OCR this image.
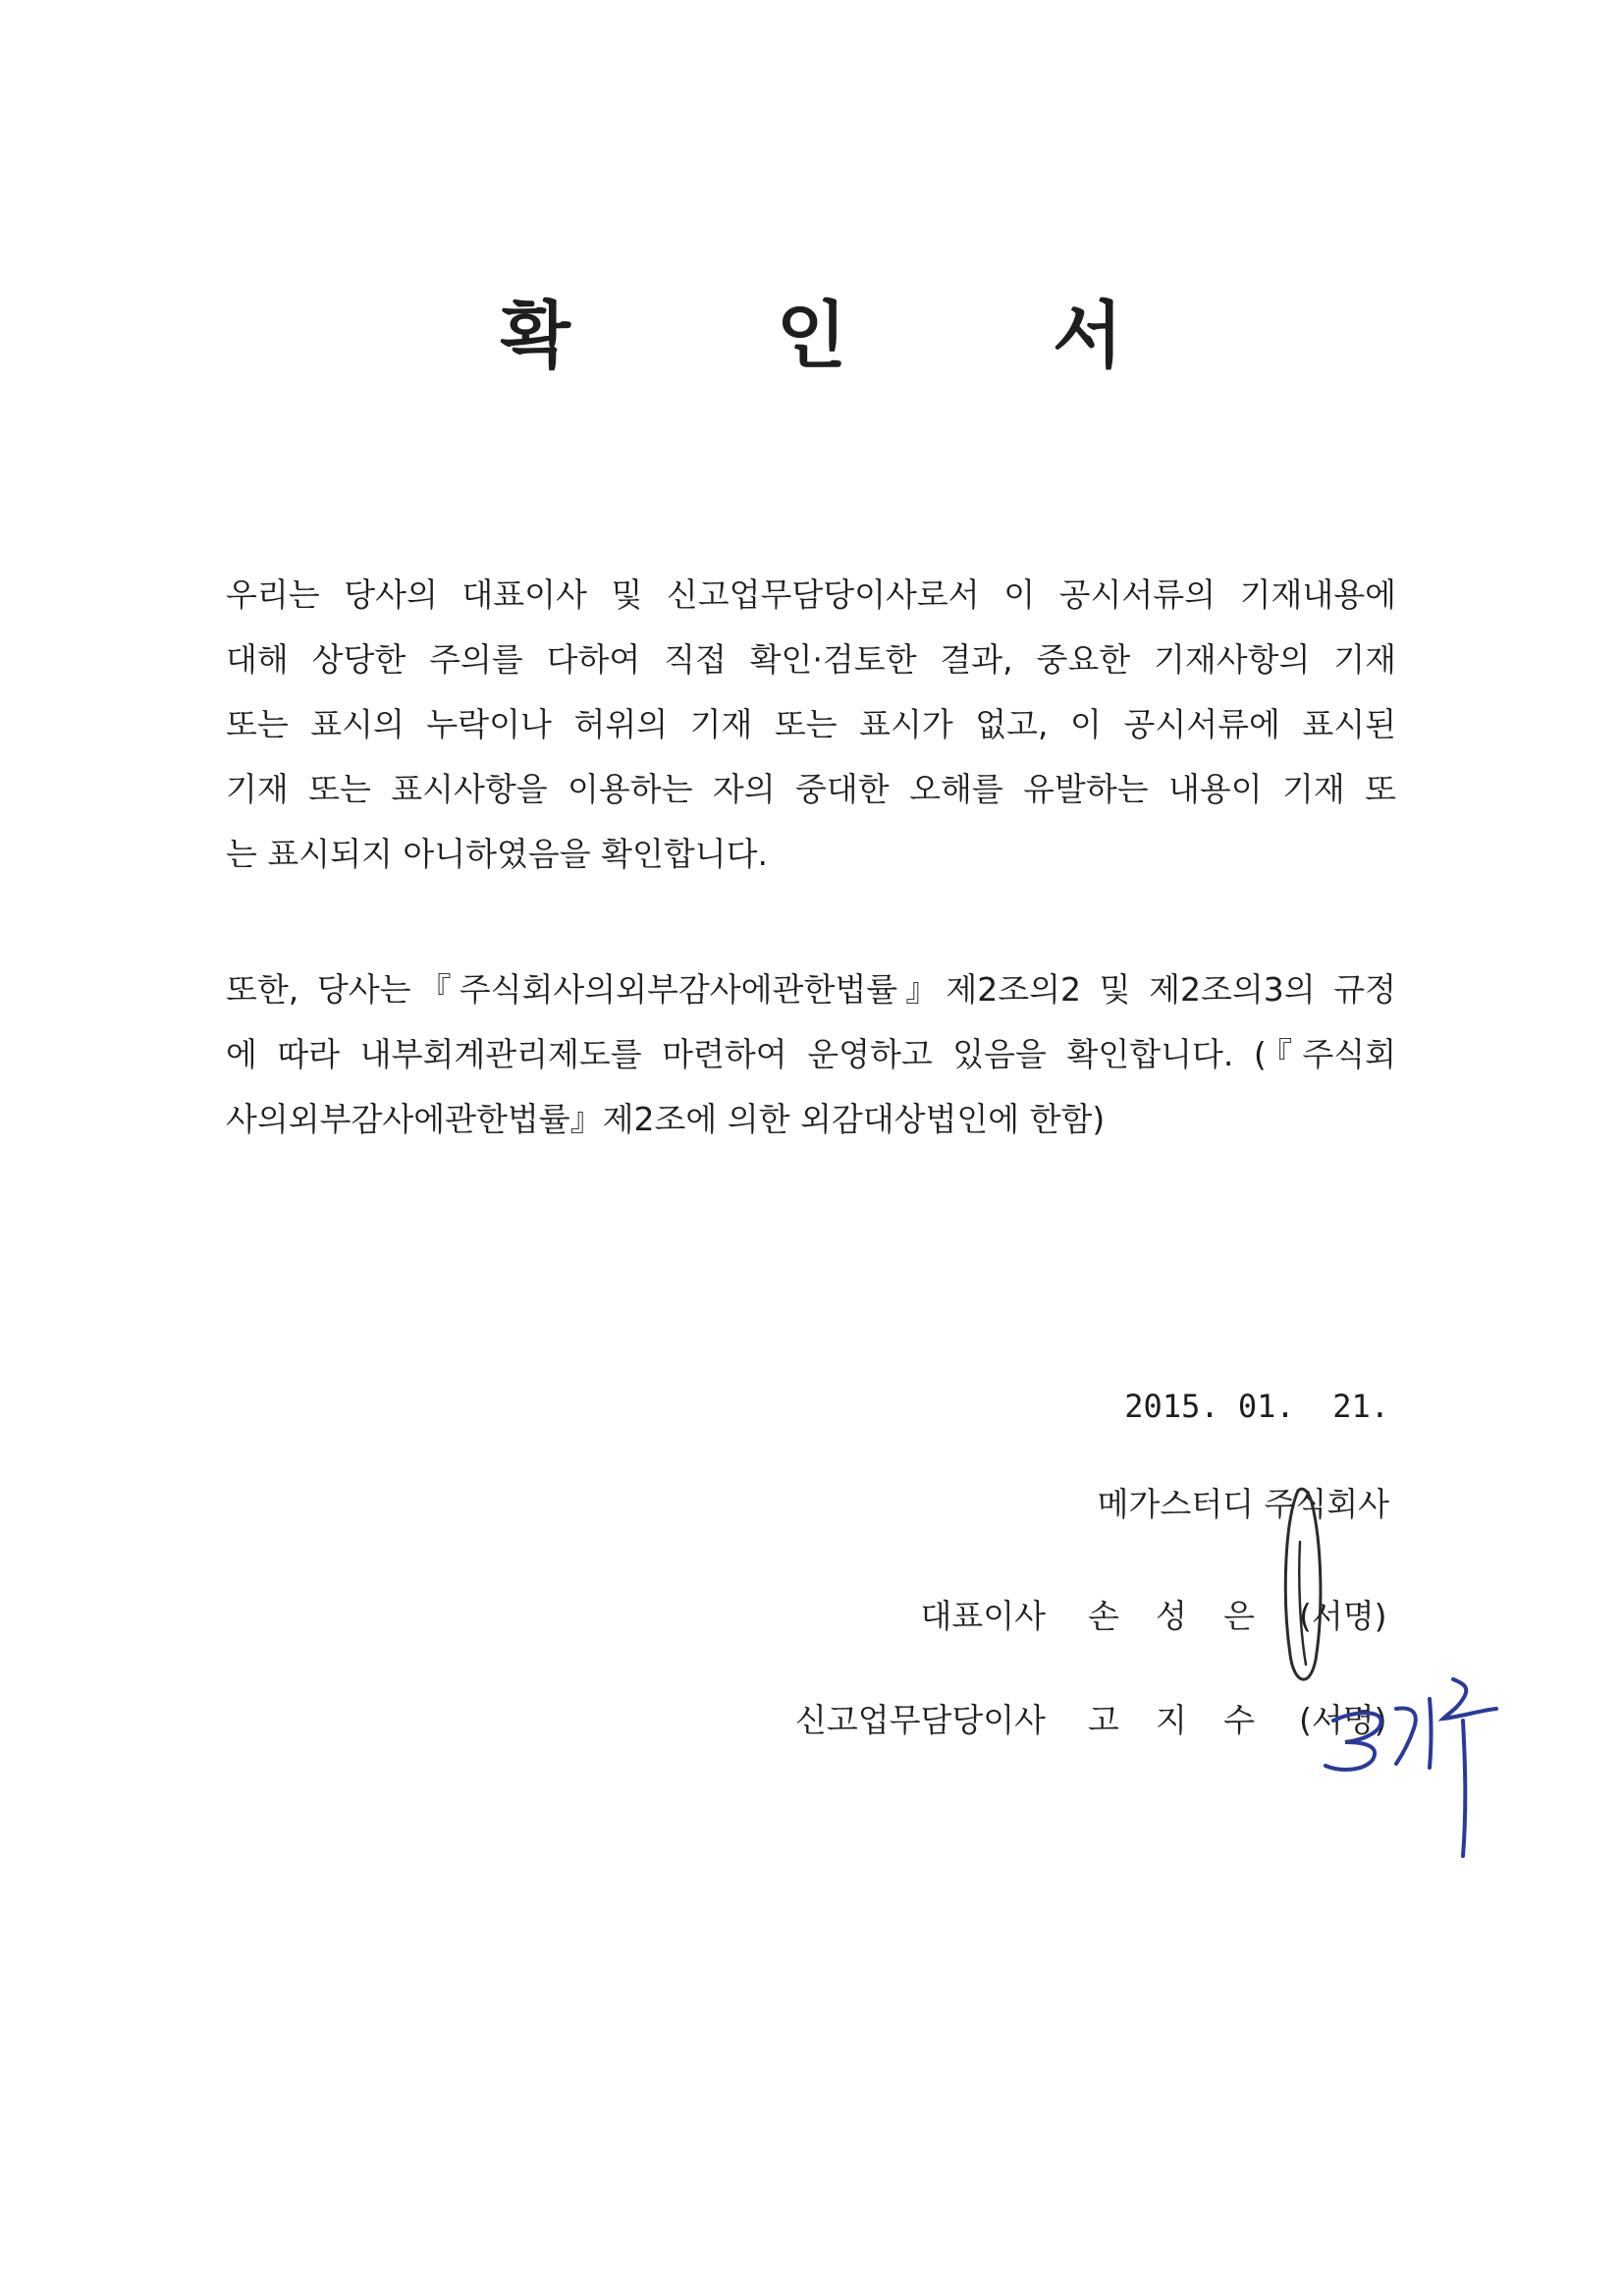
확 인 서
우리는 당사의 대표이사 및 신고업무담당이사로서 이 공시서류의 기재내용에
대해 상당한 주의를 다하여 직접 확인·검토한 결과, 중요한 기재사항의 기재
또는 표시의 누락이나 허위의 기재 또는 표시가 없고, 이 공시서류에 표시된
기재 또는 표시사항을 이용하는 자의 중대한 오해를 유발하는 내용이 기재 또
는 표시되지 아니하였음을 확인합니다.
또한, 당사는『주식회사의외부감사에관한법률』제2조의2 및 제2조의3의 규정
에 따라 내부회계관리제도를 마련하여 운영하고 있음을 확인합니다. (『주식회
사의외부감사에관한법률』제2조에 의한 외감대상법인에 한함)
2015. 01.  21.
메가스터디 주식회사
대표이사 손 성 은 (서명)
신고업무담당이사 고 지 수 (서명)
